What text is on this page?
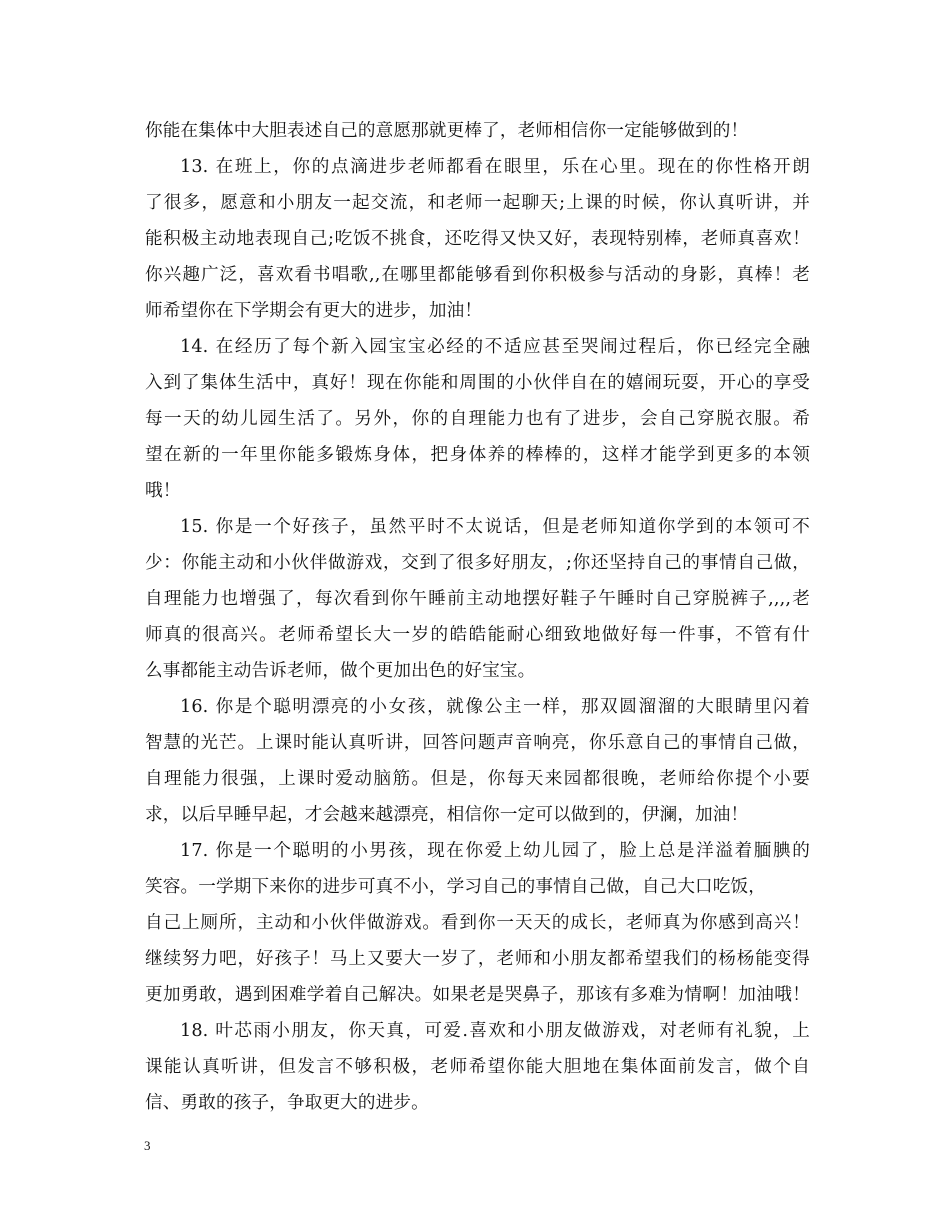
你能在集体中大胆表述自己的意愿那就更棒了，老师相信你一定能够做到的！
13. 在班上，你的点滴进步老师都看在眼里，乐在心里。现在的你性格开朗
了很多，愿意和小朋友一起交流，和老师一起聊天;上课的时候，你认真听讲，并
能积极主动地表现自己;吃饭不挑食，还吃得又快又好，表现特别棒，老师真喜欢！
你兴趣广泛，喜欢看书唱歌,,在哪里都能够看到你积极参与活动的身影，真棒！老
师希望你在下学期会有更大的进步，加油！
14. 在经历了每个新入园宝宝必经的不适应甚至哭闹过程后，你已经完全融
入到了集体生活中，真好！现在你能和周围的小伙伴自在的嬉闹玩耍，开心的享受
每一天的幼儿园生活了。另外，你的自理能力也有了进步，会自己穿脱衣服。希
望在新的一年里你能多锻炼身体，把身体养的棒棒的，这样才能学到更多的本领
哦！
15. 你是一个好孩子，虽然平时不太说话，但是老师知道你学到的本领可不
少：你能主动和小伙伴做游戏，交到了很多好朋友，;你还坚持自己的事情自己做，
自理能力也增强了，每次看到你午睡前主动地摆好鞋子午睡时自己穿脱裤子,,,,老
师真的很高兴。老师希望长大一岁的皓皓能耐心细致地做好每一件事，不管有什
么事都能主动告诉老师，做个更加出色的好宝宝。
16. 你是个聪明漂亮的小女孩，就像公主一样，那双圆溜溜的大眼睛里闪着
智慧的光芒。上课时能认真听讲，回答问题声音响亮，你乐意自己的事情自己做，
自理能力很强，上课时爱动脑筋。但是，你每天来园都很晚，老师给你提个小要
求，以后早睡早起，才会越来越漂亮，相信你一定可以做到的，伊澜，加油！
17. 你是一个聪明的小男孩，现在你爱上幼儿园了，脸上总是洋溢着腼腆的
笑容。一学期下来你的进步可真不小，学习自己的事情自己做，自己大口吃饭，
自己上厕所，主动和小伙伴做游戏。看到你一天天的成长，老师真为你感到高兴！
继续努力吧，好孩子！马上又要大一岁了，老师和小朋友都希望我们的杨杨能变得
更加勇敢，遇到困难学着自己解决。如果老是哭鼻子，那该有多难为情啊！加油哦！
18. 叶芯雨小朋友，你天真，可爱.喜欢和小朋友做游戏，对老师有礼貌，上
课能认真听讲，但发言不够积极，老师希望你能大胆地在集体面前发言，做个自
信、勇敢的孩子，争取更大的进步。
3
